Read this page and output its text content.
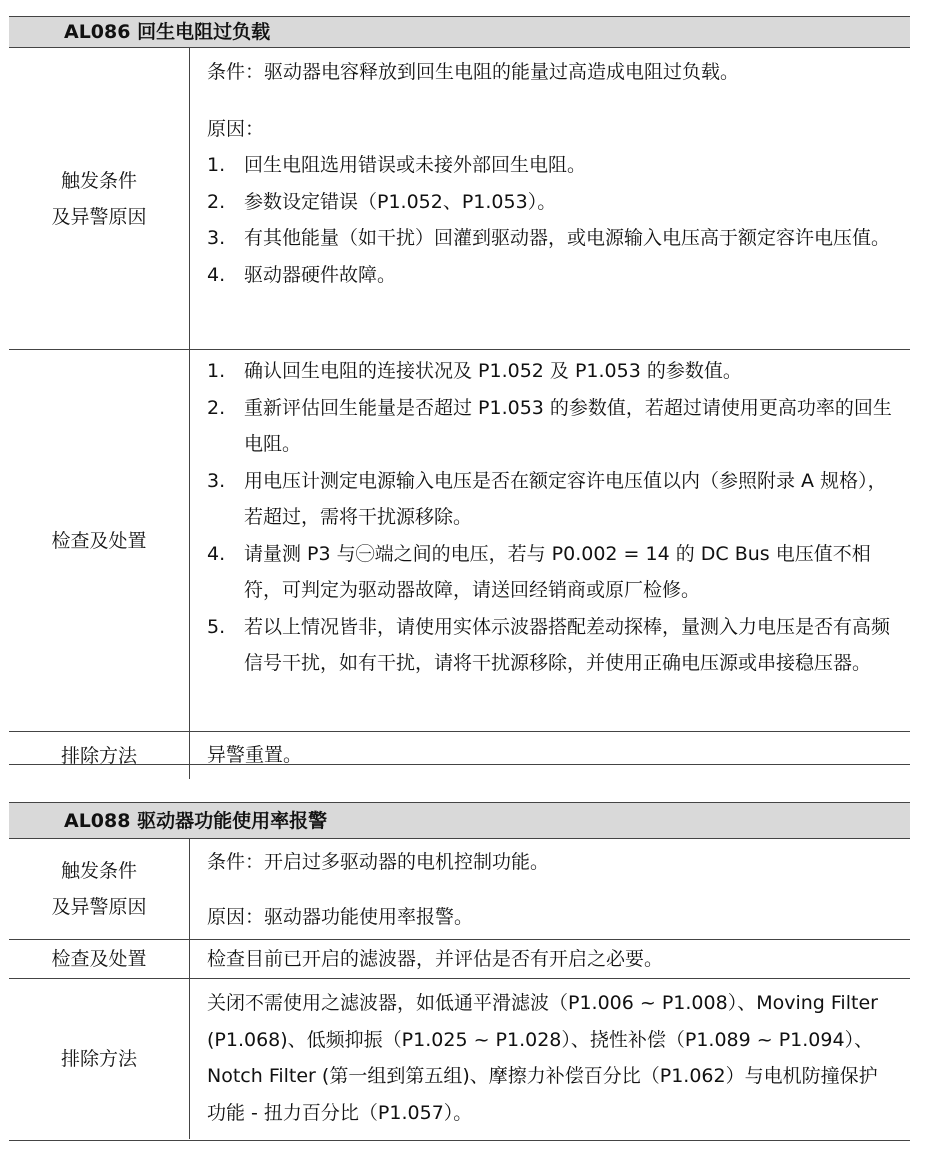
AL086 回生电阻过负载
触发条件
及异警原因

条件：驱动器电容释放到回生电阻的能量过高造成电阻过负载。

原因：

1. 回生电阻选用错误或未接外部回生电阻。
2. 参数设定错误（P1.052、P1.053）。
3. 有其他能量（如干扰）回灌到驱动器，或电源输入电压高于额定容许电压值。
4. 驱动器硬件故障。
检查及处置
1. 确认回生电阻的连接状况及 P1.052 及 P1.053 的参数值。
2. 重新评估回生能量是否超过 P1.053 的参数值，若超过请使用更高功率的回生电阻。
3. 用电压计测定电源输入电压是否在额定容许电压值以内（参照附录 A 规格），若超过，需将干扰源移除。
4. 请量测 P3 与㊀端之间的电压，若与 P0.002 = 14 的 DC Bus 电压值不相符，可判定为驱动器故障，请送回经销商或原厂检修。
5. 若以上情况皆非，请使用实体示波器搭配差动探棒，量测入力电压是否有高频信号干扰，如有干扰，请将干扰源移除，并使用正确电压源或串接稳压器。
排除方法	异警重置。
AL088 驱动器功能使用率报警
触发条件
及异警原因

条件：开启过多驱动器的电机控制功能。

原因：驱动器功能使用率报警。

检查及处置	检查目前已开启的滤波器，并评估是否有开启之必要。
排除方法
关闭不需使用之滤波器，如低通平滑滤波（P1.006 ~ P1.008）、Moving Filter (P1.068)、低频抑振（P1.025 ~ P1.028）、挠性补偿（P1.089 ~ P1.094）、Notch Filter (第一组到第五组)、摩擦力补偿百分比（P1.062）与电机防撞保护功能 - 扭力百分比（P1.057）。
